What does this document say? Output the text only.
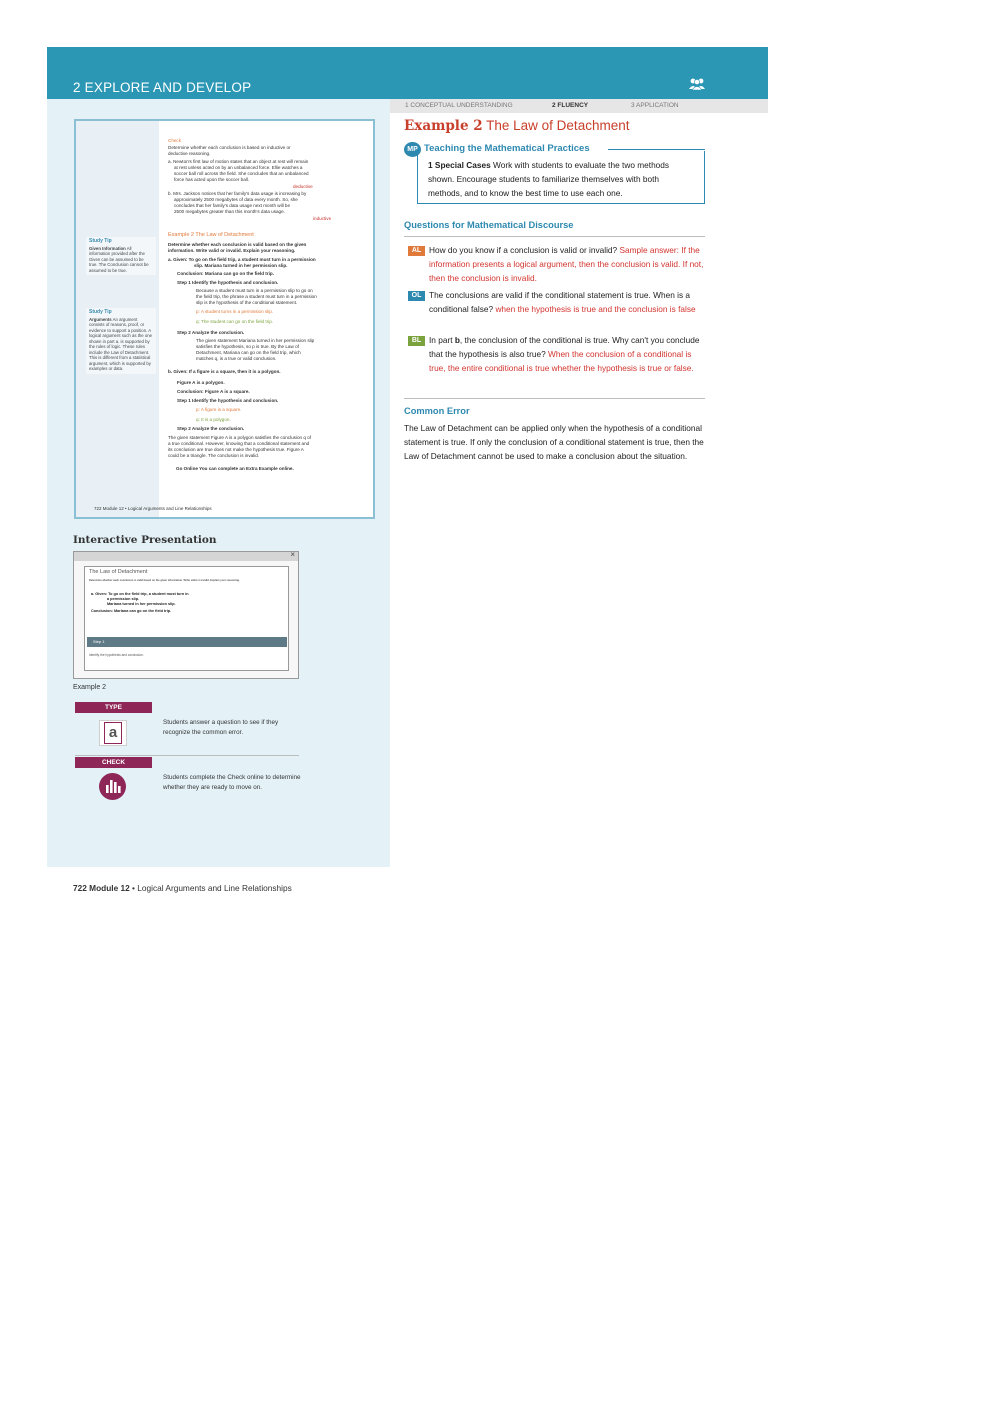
2 EXPLORE AND DEVELOP
1 CONCEPTUAL UNDERSTANDING	2 FLUENCY	3 APPLICATION
Study Tip
Given Information All information provided after the Given can be assumed to be true. The Conclusion cannot be assumed to be true.
Study Tip
Arguments An argument consists of reasons, proof, or evidence to support a position. A logical argument such as the one shown in part a. is supported by the rules of logic. These rules include the Law of Detachment. This is different from a statistical argument, which is supported by examples or data.
Check
Determine whether each conclusion is based on inductive or
deductive reasoning.
a. Newton's first law of motion states that an object at rest will remain
at rest unless acted on by an unbalanced force. Ellie watches a
soccer ball roll across the field. She concludes that an unbalanced
force has acted upon the soccer ball.
deductive
b. Mrs. Jackson notices that her family's data usage is increasing by
approximately 2500 megabytes of data every month. So, she
concludes that her family's data usage next month will be
2500 megabytes greater than this month's data usage.
inductive
Example 2 The Law of Detachment
Determine whether each conclusion is valid based on the given
information. Write valid or invalid. Explain your reasoning.
a. Given: To go on the field trip, a student must turn in a permission
slip. Mariana turned in her permission slip.
Conclusion: Mariana can go on the field trip.
Step 1 Identify the hypothesis and conclusion.
Because a student must turn in a permission slip to go on
the field trip, the phrase a student must turn in a permission
slip is the hypothesis of the conditional statement.
p: A student turns in a permission slip.
q: The student can go on the field trip.
Step 2 Analyze the conclusion.
The given statement Mariana turned in her permission slip
satisfies the hypothesis, so p is true. By the Law of
Detachment, Mariana can go on the field trip, which
matches q, is a true or valid conclusion.
b. Given: If a figure is a square, then it is a polygon.
Figure A is a polygon.
Conclusion: Figure A is a square.
Step 1 Identify the hypothesis and conclusion.
p: A figure is a square.
q: It is a polygon.
Step 2 Analyze the conclusion.
The given statement Figure A is a polygon satisfies the conclusion q of
a true conditional. However, knowing that a conditional statement and
its conclusion are true does not make the hypothesis true. Figure A
could be a triangle. The conclusion is invalid.
Go Online You can complete an Extra Example online.
722 Module 12 • Logical Arguments and Line Relationships
Interactive Presentation
×
The Law of Detachment
Determine whether each conclusion is valid based on the given information. Write valid or invalid. Explain your reasoning.
a. Given: To go on the field trip, a student must turn in
a permission slip.
Mariana turned in her permission slip.
Conclusion: Mariana can go on the field trip.
Step 1
Identify the hypothesis and conclusion.
Example 2
TYPE
a
Students answer a question to see if they recognize the common error.
CHECK
Students complete the Check online to determine whether they are ready to move on.
722 Module 12 • Logical Arguments and Line Relationships
Example 2 The Law of Detachment
MP Teaching the Mathematical Practices
1 Special Cases Work with students to evaluate the two methods shown. Encourage students to familiarize themselves with both methods, and to know the best time to use each one.
Questions for Mathematical Discourse
AL How do you know if a conclusion is valid or invalid? Sample answer: If the information presents a logical argument, then the conclusion is valid. If not, then the conclusion is invalid.
OL The conclusions are valid if the conditional statement is true. When is a conditional false? when the hypothesis is true and the conclusion is false
BL In part b, the conclusion of the conditional is true. Why can't you conclude that the hypothesis is also true? When the conclusion of a conditional is true, the entire conditional is true whether the hypothesis is true or false.
Common Error
The Law of Detachment can be applied only when the hypothesis of a conditional statement is true. If only the conclusion of a conditional statement is true, then the Law of Detachment cannot be used to make a conclusion about the situation.
